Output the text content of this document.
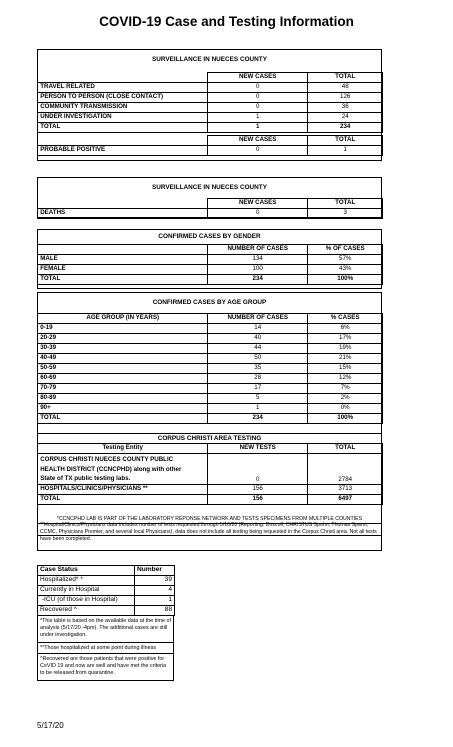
COVID-19 Case and Testing Information
SURVEILLANCE IN NUECES COUNTY
	NEW CASES	TOTAL
TRAVEL RELATED	0	48
PERSON TO PERSON (CLOSE CONTACT)	0	126
COMMUNITY TRANSMISSION	0	36
UNDER INVESTIGATION	1	24
TOTAL	1	234
	NEW CASES	TOTAL
PROBABLE POSITIVE	0	1
SURVEILLANCE IN NUECES COUNTY
	NEW CASES	TOTAL
DEATHS	0	3
CONFIRMED CASES BY GENDER
	NUMBER OF CASES	% OF CASES
MALE	134	57%
FEMALE	100	43%
TOTAL	234	100%
CONFIRMED CASES BY AGE GROUP
AGE GROUP (IN YEARS)	NUMBER OF CASES	% CASES
0-19	14	6%
20-29	40	17%
30-39	44	19%
40-49	50	21%
50-59	35	15%
60-69	28	12%
70-79	17	7%
80-89	5	2%
90+	1	0%
TOTAL	234	100%
CORPUS CHRISTI AREA TESTING
Testing Entity	NEW TESTS	TOTAL

CORPUS CHRISTI NUECES COUNTY PUBLIC
HEALTH DISTRICT (CCNCPHD) along with other
State of TX public testing labs.	0	2784
HOSPITALS/CLINICS/PHYSICIANS **	156	3713
TOTAL	156	6497
*CCNCPHD LAB IS PART OF THE LABORATORY REPONSE NETWORK AND TESTS SPECIMENS FROM MULTIPLE COUNTIES
**Hospital/Clinics/Physicians data includes number of tests requested through 5/16/20 (Reporting: Driscoll, CHRISTUS Spohn, Thomas Spann, CCMC, Physicians Premier, and several local Physicians), data does not include all testing being requested in the Corpus Christi area. Not all tests have been completed.
Case Status	Number
Hospitalized* *	39
Currently in Hospital	4
-ICU (of those in Hospital)	1
Recovered ^	88
*This table is based on the available data at the time of analysis (5/17/20 -4pm). The additional cases are still under investigation.
**Those hospitalized at some point during illness
^Recovered are those patients that were positive for CoVID 19 and now are well and have met the criteria to be released from quarantine.
5/17/20
